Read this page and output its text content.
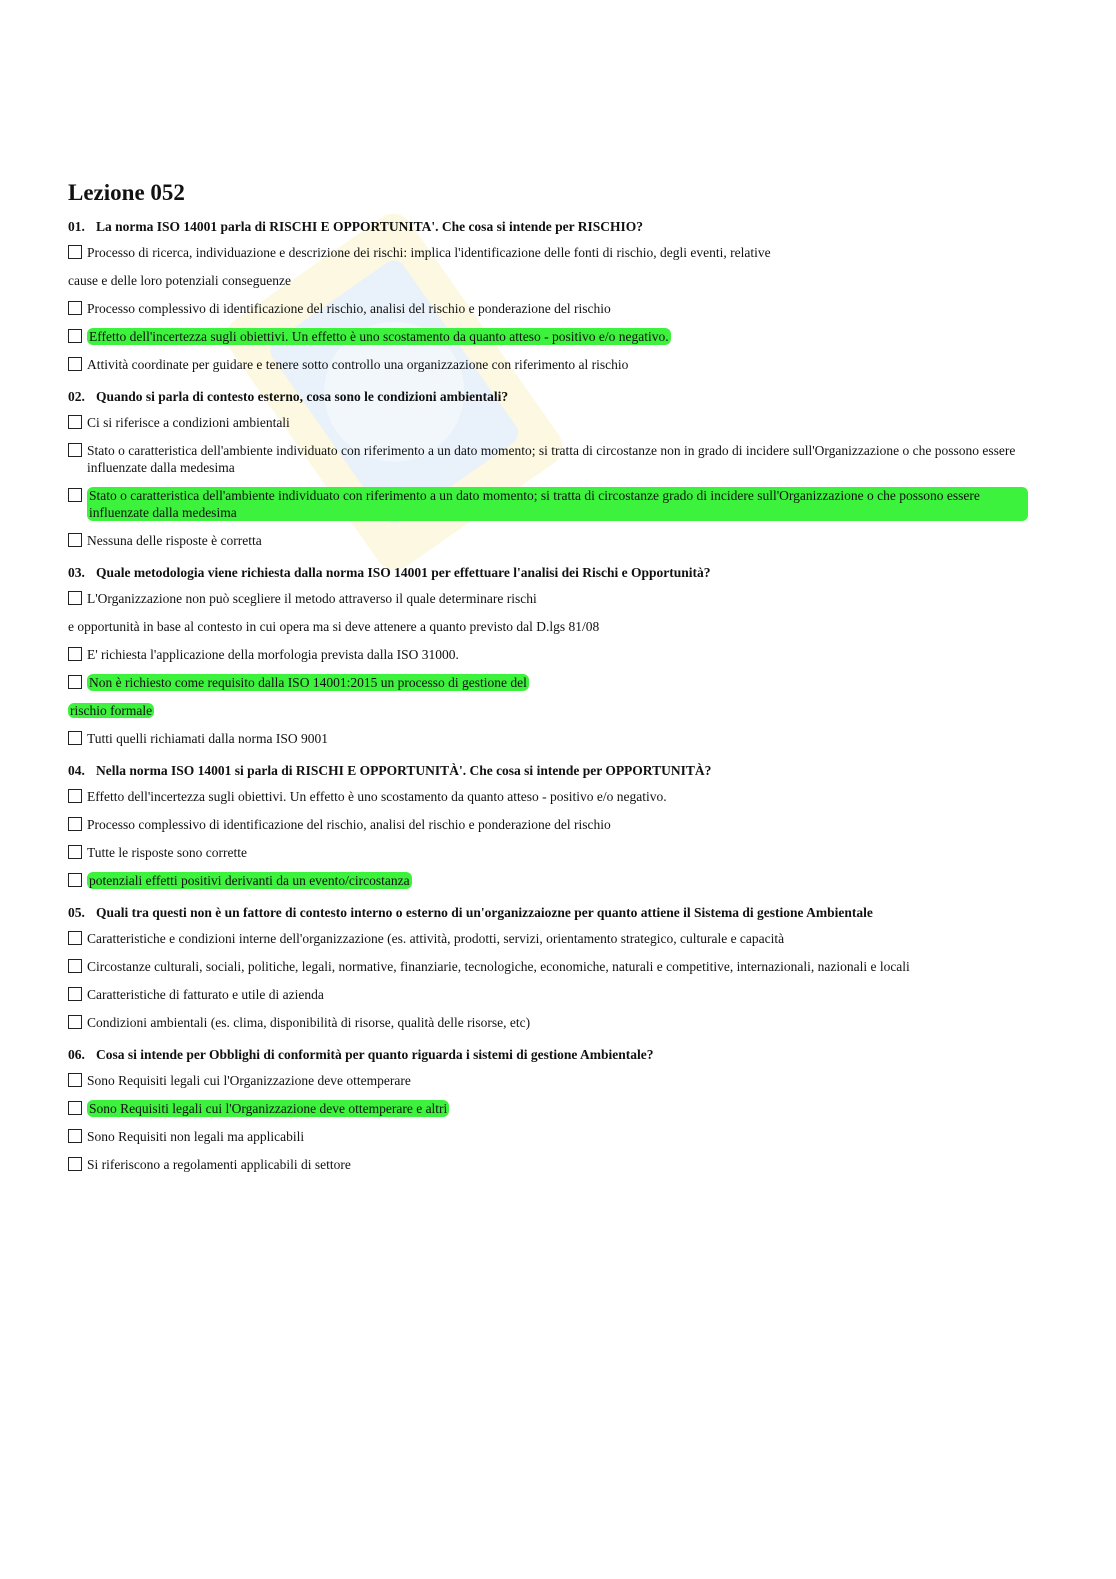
Lezione 052
01. La norma ISO 14001 parla di RISCHI E OPPORTUNITA'. Che cosa si intende per RISCHIO?
Processo di ricerca, individuazione e descrizione dei rischi: implica l'identificazione delle fonti di rischio, degli eventi, relative
cause e delle loro potenziali conseguenze
Processo complessivo di identificazione del rischio, analisi del rischio e ponderazione del rischio
Effetto dell'incertezza sugli obiettivi. Un effetto è uno scostamento da quanto atteso - positivo e/o negativo.
Attività coordinate per guidare e tenere sotto controllo una organizzazione con riferimento al rischio
02. Quando si parla di contesto esterno, cosa sono le condizioni ambientali?
Ci si riferisce a condizioni ambientali
Stato o caratteristica dell'ambiente individuato con riferimento a un dato momento; si tratta di circostanze non in grado di incidere sull'Organizzazione o che possono essere influenzate dalla medesima
Stato o caratteristica dell'ambiente individuato con riferimento a un dato momento; si tratta di circostanze grado di incidere sull'Organizzazione o che possono essere influenzate dalla medesima
Nessuna delle risposte è corretta
03. Quale metodologia viene richiesta dalla norma ISO 14001 per effettuare l'analisi dei Rischi e Opportunità?
L'Organizzazione non può scegliere il metodo attraverso il quale determinare rischi
e opportunità in base al contesto in cui opera ma si deve attenere a quanto previsto dal D.lgs 81/08
E' richiesta l'applicazione della morfologia prevista dalla ISO 31000.
Non è richiesto come requisito dalla ISO 14001:2015 un processo di gestione del
rischio formale
Tutti quelli richiamati dalla norma ISO 9001
04. Nella norma ISO 14001 si parla di RISCHI E OPPORTUNITÀ'. Che cosa si intende per OPPORTUNITÀ?
Effetto dell'incertezza sugli obiettivi. Un effetto è uno scostamento da quanto atteso - positivo e/o negativo.
Processo complessivo di identificazione del rischio, analisi del rischio e ponderazione del rischio
Tutte le risposte sono corrette
potenziali effetti positivi derivanti da un evento/circostanza
05. Quali tra questi non è un fattore di contesto interno o esterno di un'organizzaiozne per quanto attiene il Sistema di gestione Ambientale
Caratteristiche e condizioni interne dell'organizzazione (es. attività, prodotti, servizi, orientamento strategico, culturale e capacità
Circostanze culturali, sociali, politiche, legali, normative, finanziarie, tecnologiche, economiche, naturali e competitive, internazionali, nazionali e locali
Caratteristiche di fatturato e utile di azienda
Condizioni ambientali (es. clima, disponibilità di risorse, qualità delle risorse, etc)
06. Cosa si intende per Obblighi di conformità per quanto riguarda i sistemi di gestione Ambientale?
Sono Requisiti legali cui l'Organizzazione deve ottemperare
Sono Requisiti legali cui l'Organizzazione deve ottemperare e altri
Sono Requisiti non legali ma applicabili
Si riferiscono a regolamenti applicabili di settore
